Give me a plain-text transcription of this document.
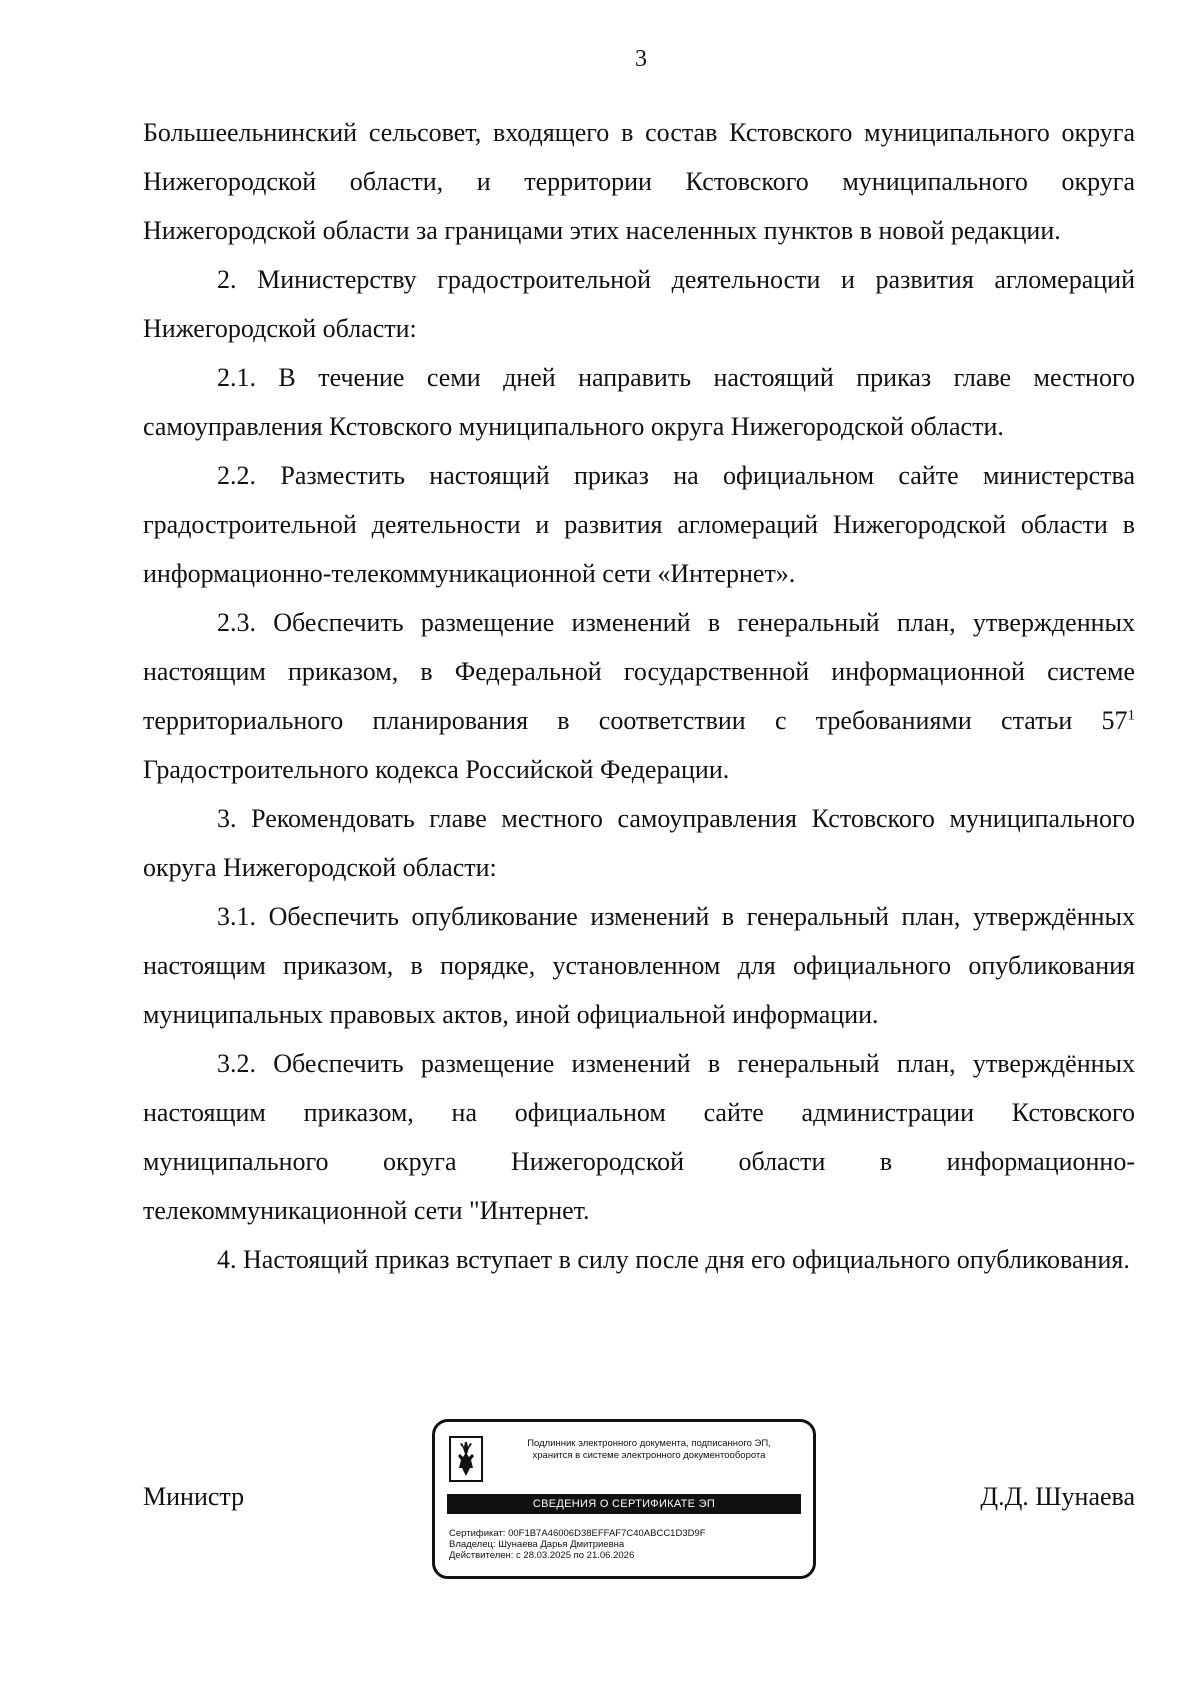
3

Большеельнинский сельсовет, входящего в состав Кстовского муниципального округа Нижегородской области, и территории Кстовского муниципального округа Нижегородской области за границами этих населенных пунктов в новой редакции.

2. Министерству градостроительной деятельности и развития агломераций Нижегородской области:

2.1. В течение семи дней направить настоящий приказ главе местного самоуправления Кстовского муниципального округа Нижегородской области.

2.2. Разместить настоящий приказ на официальном сайте министерства градостроительной деятельности и развития агломераций Нижегородской области в информационно-телекоммуникационной сети «Интернет».

2.3. Обеспечить размещение изменений в генеральный план, утвержденных настоящим приказом, в Федеральной государственной информационной системе территориального планирования в соответствии с требованиями статьи $57^1$ Градостроительного кодекса Российской Федерации.

3. Рекомендовать главе местного самоуправления Кстовского муниципального округа Нижегородской области:

3.1. Обеспечить опубликование изменений в генеральный план, утверждённых настоящим приказом, в порядке, установленном для официального опубликования муниципальных правовых актов, иной официальной информации.

3.2. Обеспечить размещение изменений в генеральный план, утверждённых настоящим приказом, на официальном сайте администрации Кстовского муниципального округа Нижегородской области в информационно-телекоммуникационной сети "Интернет.

4. Настоящий приказ вступает в силу после дня его официального опубликования.

Министр	Д.Д. Шунаева
Подлинник электронного документа, подписанного ЭП,
хранится в системе электронного документооборота
СВЕДЕНИЯ О СЕРТИФИКАТЕ ЭП
Сертификат: 00F1B7A46006D38EFFAF7C40ABCC1D3D9F
Владелец: Шунаева Дарья Дмитриевна
Действителен: с 28.03.2025 по 21.06.2026
